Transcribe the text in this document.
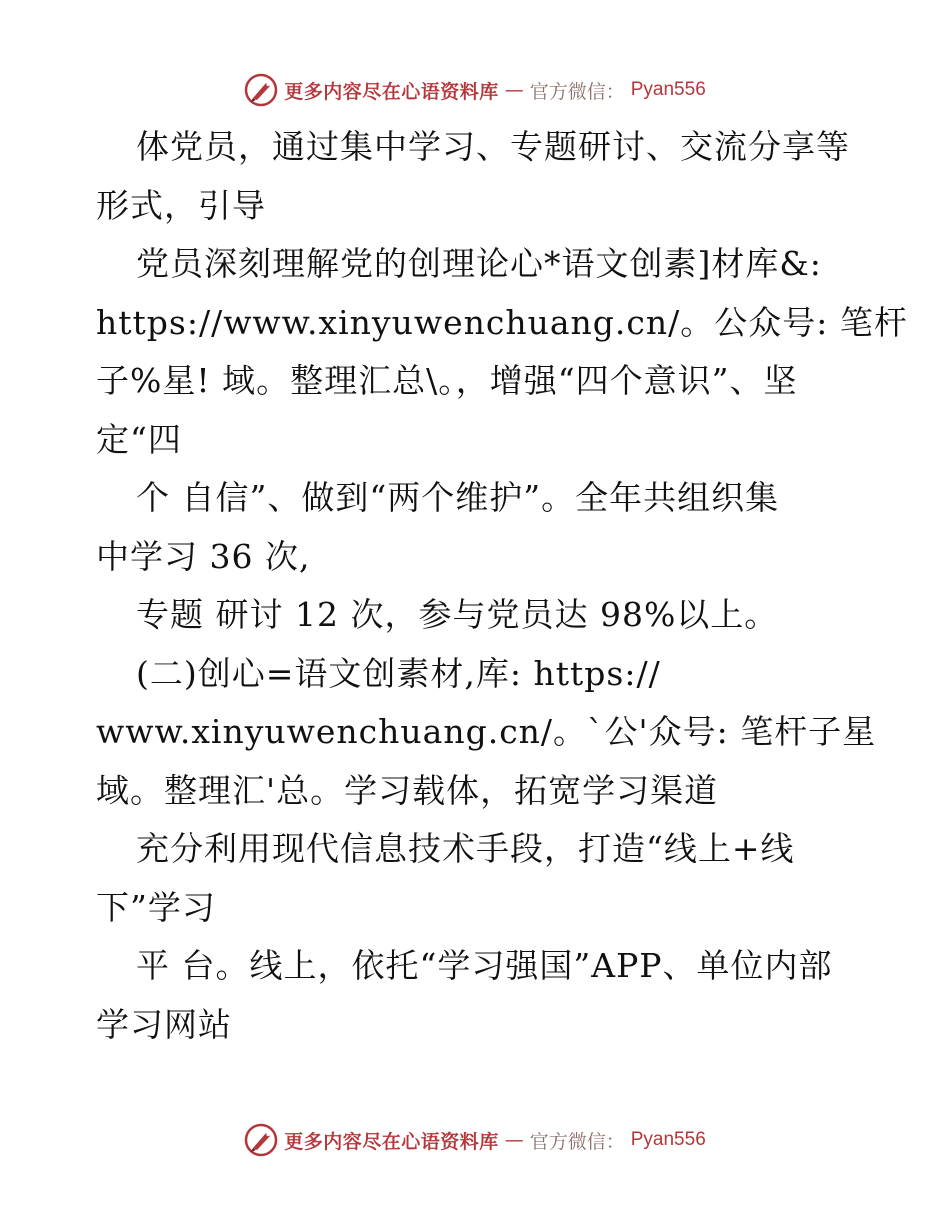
更多内容尽在心语资料库 — 官方微信： Pyan556
体党员，通过集中学习、专题研讨、交流分享等
形式，引导
党员深刻理解党的创理论心*语文创素]材库&:
https://www.xinyuwenchuang.cn/。公众号: 笔杆
子%星! 域。整理汇总\。，增强“四个意识”、坚
定“四
个 自信”、做到“两个维护”。全年共组织集
中学习 36 次,
专题 研讨 12 次，参与党员达 98%以上。
(二)创心=语文创素材,库: https://
www.xinyuwenchuang.cn/。`公'众号: 笔杆子星
域。整理汇'总。学习载体，拓宽学习渠道
充分利用现代信息技术手段，打造“线上+线
下”学习
平 台。线上，依托“学习强国”APP、单位内部
学习网站
更多内容尽在心语资料库 — 官方微信： Pyan556
